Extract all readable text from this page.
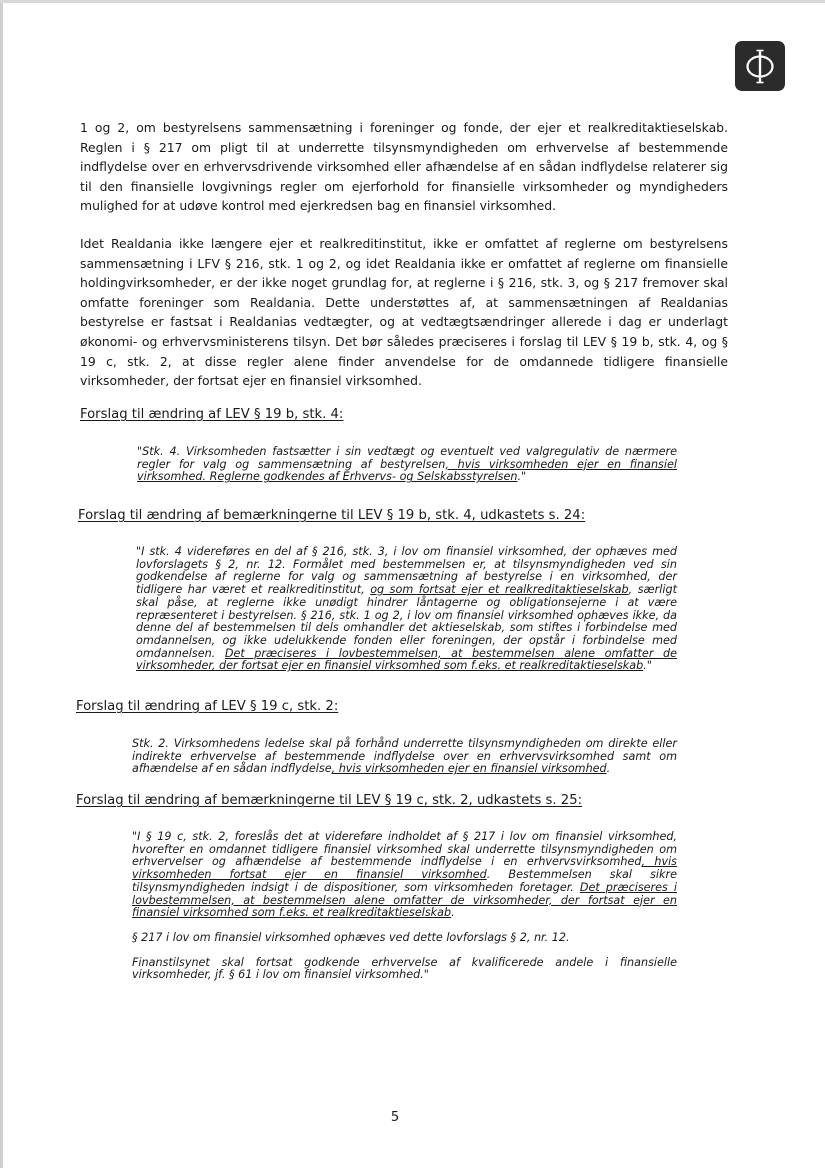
1 og 2, om bestyrelsens sammensætning i foreninger og fonde, der ejer et realkreditaktieselskab. Reglen i § 217 om pligt til at underrette tilsynsmyndigheden om erhvervelse af bestemmende indflydelse over en erhvervsdrivende virksomhed eller afhændelse af en sådan indflydelse relaterer sig til den finansielle lovgivnings regler om ejerforhold for finansielle virksomheder og myndigheders mulighed for at udøve kontrol med ejerkredsen bag en finansiel virksomhed.

Idet Realdania ikke længere ejer et realkreditinstitut, ikke er omfattet af reglerne om bestyrelsens sammensætning i LFV § 216, stk. 1 og 2, og idet Realdania ikke er omfattet af reglerne om finansielle holdingvirksomheder, er der ikke noget grundlag for, at reglerne i § 216, stk. 3, og § 217 fremover skal omfatte foreninger som Realdania. Dette understøttes af, at sammensætningen af Realdanias bestyrelse er fastsat i Realdanias vedtægter, og at vedtægtsændringer allerede i dag er underlagt økonomi- og erhvervsministerens tilsyn. Det bør således præciseres i forslag til LEV § 19 b, stk. 4, og § 19 c, stk. 2, at disse regler alene finder anvendelse for de omdannede tidligere finansielle virksomheder, der fortsat ejer en finansiel virksomhed.

Forslag til ændring af LEV § 19 b, stk. 4:

"Stk. 4. Virksomheden fastsætter i sin vedtægt og eventuelt ved valgregulativ de nærmere regler for valg og sammensætning af bestyrelsen, hvis virksomheden ejer en finansiel virksomhed. Reglerne godkendes af Erhvervs- og Selskabsstyrelsen."

Forslag til ændring af bemærkningerne til LEV § 19 b, stk. 4, udkastets s. 24:

"I stk. 4 videreføres en del af § 216, stk. 3, i lov om finansiel virksomhed, der ophæves med lovforslagets § 2, nr. 12. Formålet med bestemmelsen er, at tilsynsmyndigheden ved sin godkendelse af reglerne for valg og sammensætning af bestyrelse i en virksomhed, der tidligere har været et realkreditinstitut, og som fortsat ejer et realkreditaktieselskab, særligt skal påse, at reglerne ikke unødigt hindrer låntagerne og obligationsejerne i at være repræsenteret i bestyrelsen. § 216, stk. 1 og 2, i lov om finansiel virksomhed ophæves ikke, da denne del af bestemmelsen til dels omhandler det aktieselskab, som stiftes i forbindelse med omdannelsen, og ikke udelukkende fonden eller foreningen, der opstår i forbindelse med omdannelsen. Det præciseres i lovbestemmelsen, at bestemmelsen alene omfatter de virksomheder, der fortsat ejer en finansiel virksomhed som f.eks. et realkreditaktieselskab."

Forslag til ændring af LEV § 19 c, stk. 2:

Stk. 2. Virksomhedens ledelse skal på forhånd underrette tilsynsmyndigheden om direkte eller indirekte erhvervelse af bestemmende indflydelse over en erhvervsvirksomhed samt om afhændelse af en sådan indflydelse, hvis virksomheden ejer en finansiel virksomhed.

Forslag til ændring af bemærkningerne til LEV § 19 c, stk. 2, udkastets s. 25:

"I § 19 c, stk. 2, foreslås det at videreføre indholdet af § 217 i lov om finansiel virksomhed, hvorefter en omdannet tidligere finansiel virksomhed skal underrette tilsynsmyndigheden om erhvervelser og afhændelse af bestemmende indflydelse i en erhvervsvirksomhed, hvis virksomheden fortsat ejer en finansiel virksomhed. Bestemmelsen skal sikre tilsynsmyndigheden indsigt i de dispositioner, som virksomheden foretager. Det præciseres i lovbestemmelsen, at bestemmelsen alene omfatter de virksomheder, der fortsat ejer en finansiel virksomhed som f.eks. et realkreditaktieselskab.

§ 217 i lov om finansiel virksomhed ophæves ved dette lovforslags § 2, nr. 12.

Finanstilsynet skal fortsat godkende erhvervelse af kvalificerede andele i finansielle virksomheder, jf. § 61 i lov om finansiel virksomhed."

5
